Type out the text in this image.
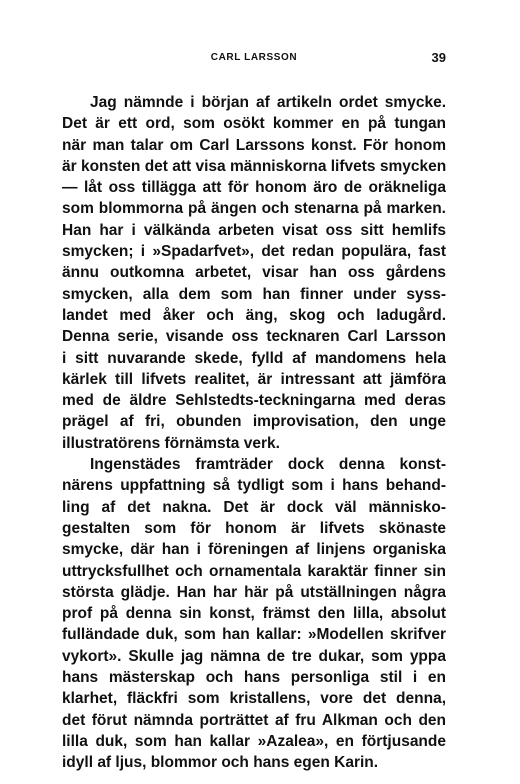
CARL LARSSON	39
Jag nämnde i början af artikeln ordet smycke.
Det är ett ord, som osökt kommer en på tungan
när man talar om Carl Larssons konst. För honom
är konsten det att visa människorna lifvets smycken
— låt oss tillägga att för honom äro de oräkneliga
som blommorna på ängen och stenarna på marken.
Han har i välkända arbeten visat oss sitt hemlifs
smycken; i »Spadarfvet», det redan populära, fast
ännu outkomna arbetet, visar han oss gårdens
smycken, alla dem som han finner under syss-
landet med åker och äng, skog och ladugård.
Denna serie, visande oss tecknaren Carl Larsson
i sitt nuvarande skede, fylld af mandomens hela
kärlek till lifvets realitet, är intressant att jämföra
med de äldre Sehlstedts-teckningarna med deras
prägel af fri, obunden improvisation, den unge
illustratörens förnämsta verk.
Ingenstädes framträder dock denna konst-
närens uppfattning så tydligt som i hans behand-
ling af det nakna. Det är dock väl människo-
gestalten som för honom är lifvets skönaste
smycke, där han i föreningen af linjens organiska
uttrycksfullhet och ornamentala karaktär finner sin
största glädje. Han har här på utställningen några
prof på denna sin konst, främst den lilla, absolut
fulländade duk, som han kallar: »Modellen skrifver
vykort». Skulle jag nämna de tre dukar, som yppa
hans mästerskap och hans personliga stil i en
klarhet, fläckfri som kristallens, vore det denna,
det förut nämnda porträttet af fru Alkman och den
lilla duk, som han kallar »Azalea», en förtjusande
idyll af ljus, blommor och hans egen Karin.
